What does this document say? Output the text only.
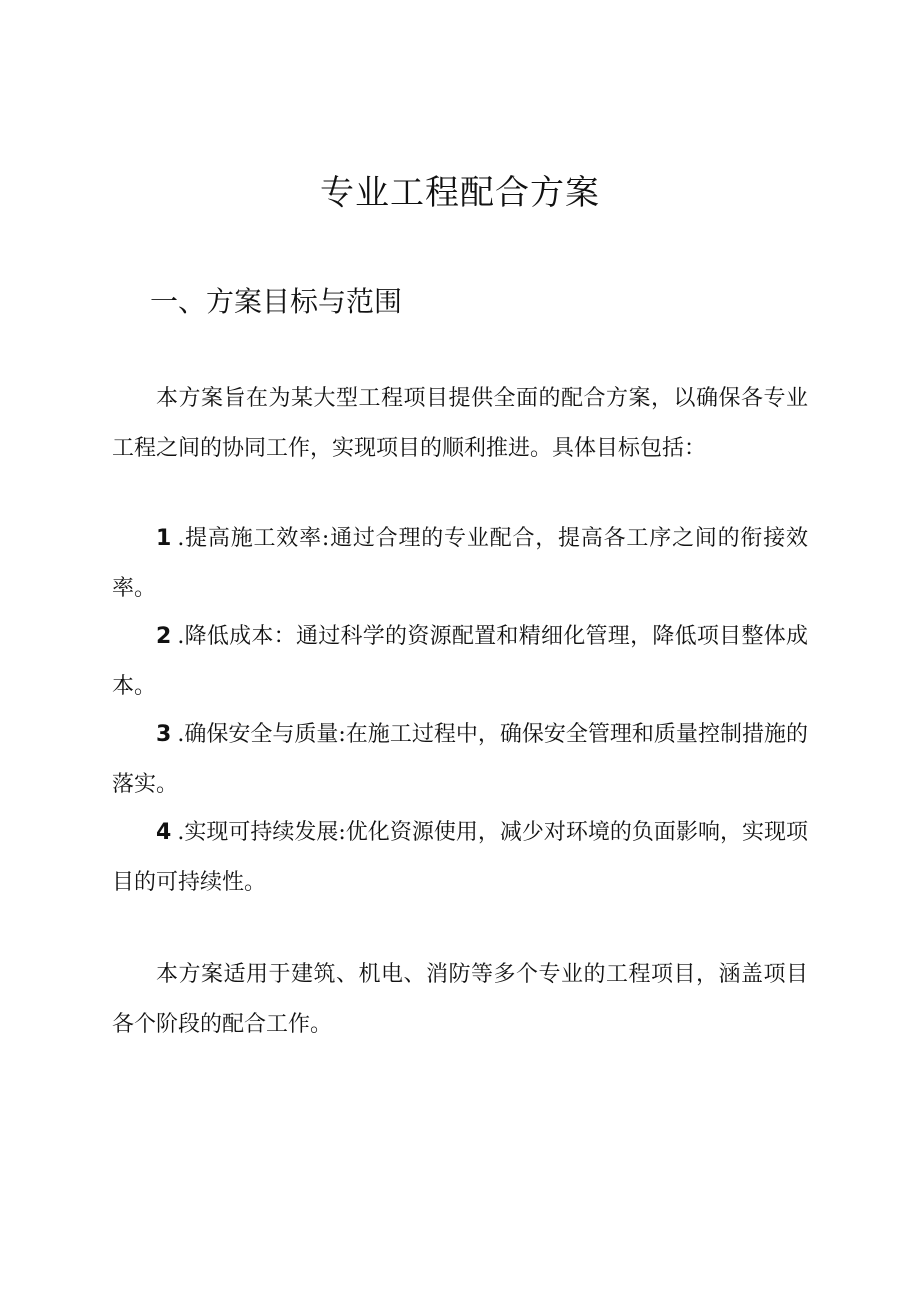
专业工程配合方案
一、方案目标与范围

本方案旨在为某大型工程项目提供全面的配合方案，以确保各专业工程之间的协同工作，实现项目的顺利推进。具体目标包括：

1 .提高施工效率:通过合理的专业配合，提高各工序之间的衔接效率。

2 .降低成本：通过科学的资源配置和精细化管理，降低项目整体成本。

3 .确保安全与质量:在施工过程中，确保安全管理和质量控制措施的落实。

4 .实现可持续发展:优化资源使用，减少对环境的负面影响，实现项目的可持续性。

本方案适用于建筑、机电、消防等多个专业的工程项目，涵盖项目各个阶段的配合工作。
